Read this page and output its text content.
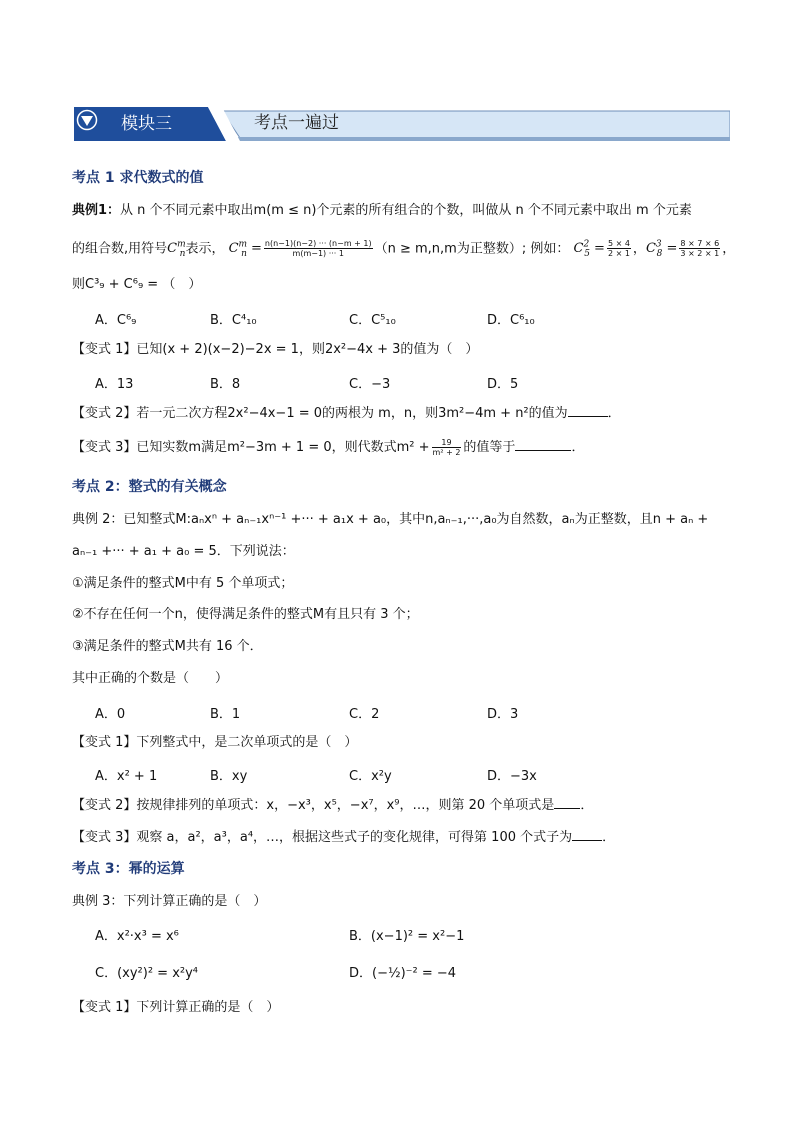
模块三	考点一遍过
考点 1 求代数式的值
典例1：从 n 个不同元素中取出m(m ≤ n)个元素的所有组合的个数，叫做从 n 个不同元素中取出 m 个元素
的组合数,用符号$C^m_n$表示， $C^m_n = \frac{n(n-1)(n-2) \cdot\cdot\cdot (n-m + 1)}{m(m-1) \cdot\cdot\cdot 1} (n \ge m,n,m$为正整数）; 例如： $C^2_5 = \frac{5 \times 4}{2 \times 1}$ ，$C^3_8 = \frac{8 \times 7 \times 6}{3 \times 2 \times 1}$ ，
则C³₉ + C⁶₉ = （　）
A．C⁶₉	B．C⁴₁₀	C．C⁵₁₀	D．C⁶₁₀
【变式 1】已知(x + 2)(x−2)−2x = 1，则2x²−4x + 3的值为（　）
A．13	B．8	C．−3	D．5
【变式 2】若一元二次方程2x²−4x−1 = 0的两根为 m，n，则3m²−4m + n²的值为	．
【变式 3】已知实数m满足m²−3m + 1 = 0，则代数式$m^2 + \frac{19}{\text{m² + 2}}$ 的值等于	．
考点 2：整式的有关概念
典例 2：已知整式M:aₙxⁿ + aₙ₋₁xⁿ⁻¹ +··· + a₁x + a₀，其中n,aₙ₋₁,···,a₀为自然数，aₙ为正整数，且n + aₙ +
aₙ₋₁ +··· + a₁ + a₀ = 5．下列说法：
①满足条件的整式M中有 5 个单项式；
②不存在任何一个n，使得满足条件的整式M有且只有 3 个；
③满足条件的整式M共有 16 个．
其中正确的个数是（　　）
A．0	B．1	C．2	D．3
【变式 1】下列整式中，是二次单项式的是（　）
A．x² + 1	B．xy	C．x²y	D．−3x
【变式 2】按规律排列的单项式：x，−x³，x⁵，−x⁷，x⁹，…，则第 20 个单项式是 ．
【变式 3】观察 a，a²，a³，a⁴，…，根据这些式子的变化规律，可得第 100 个式子为 ．
考点 3：幂的运算
典例 3：下列计算正确的是（　）
A．x²·x³ = x⁶	B．(x−1)² = x²−1
C．(xy²)² = x²y⁴	D．(−½)⁻² = −4
【变式 1】下列计算正确的是（　）
